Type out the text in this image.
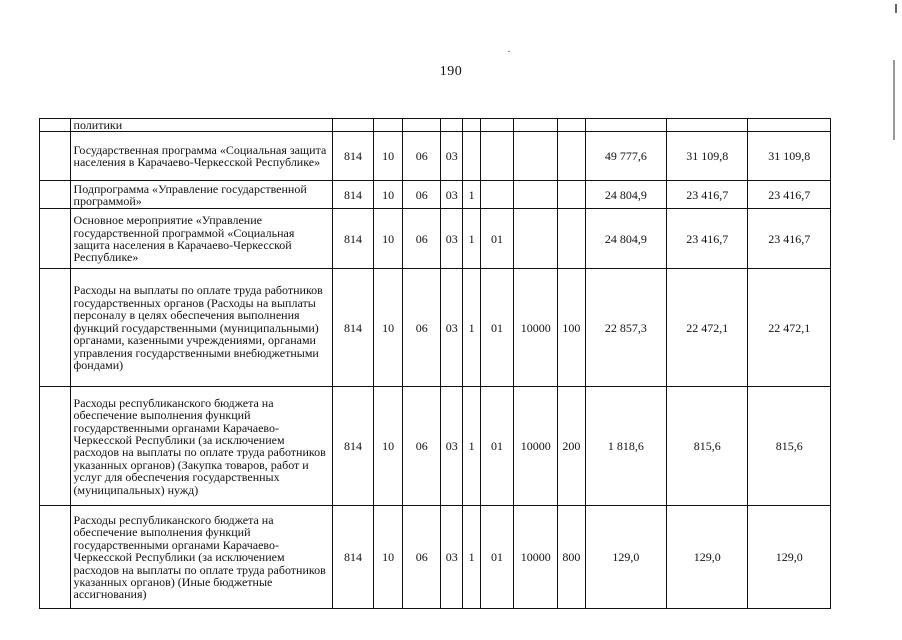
190
	политики											
	Государственная программа «Социальная защита населения в Карачаево-Черкесской Республике»	814	10	06	03					49 777,6	31 109,8	31 109,8
	Подпрограмма «Управление государственной программой»	814	10	06	03	1				24 804,9	23 416,7	23 416,7
	Основное мероприятие «Управление государственной программой «Социальная защита населения в Карачаево-Черкесской Республике»	814	10	06	03	1	01			24 804,9	23 416,7	23 416,7
	Расходы на выплаты по оплате труда работников государственных органов (Расходы на выплаты персоналу в целях обеспечения выполнения функций государственными (муниципальными) органами, казенными учреждениями, органами управления государственными внебюджетными фондами)	814	10	06	03	1	01	10000	100	22 857,3	22 472,1	22 472,1
	Расходы республиканского бюджета на обеспечение выполнения функций государственными органами Карачаево-Черкесской Республики (за исключением расходов на выплаты по оплате труда работников указанных органов) (Закупка товаров, работ и услуг для обеспечения государственных (муниципальных) нужд)	814	10	06	03	1	01	10000	200	1 818,6	815,6	815,6
	Расходы республиканского бюджета на обеспечение выполнения функций государственными органами Карачаево-Черкесской Республики (за исключением расходов на выплаты по оплате труда работников указанных органов) (Иные бюджетные ассигнования)	814	10	06	03	1	01	10000	800	129,0	129,0	129,0
